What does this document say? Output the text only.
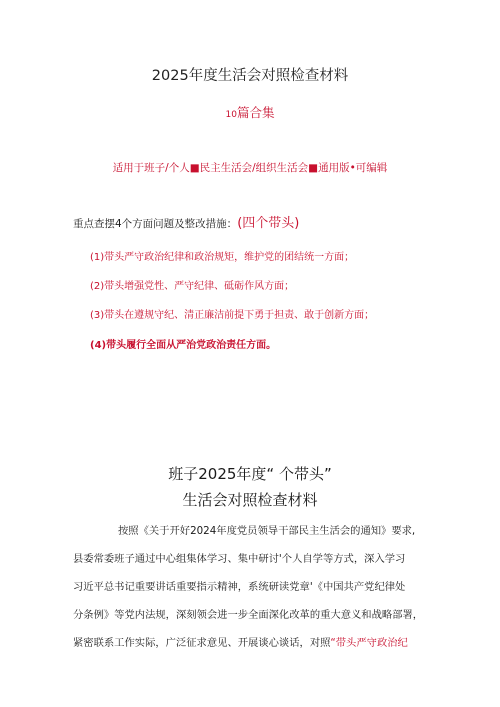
2025年度生活会对照检查材料
10篇合集
适用于班子/个人■民主生活会/组织生活会■通用版•可编辑
重点查摆4个方面问题及整改措施：(四个带头)
(1)带头严守政治纪律和政治规矩，维护党的团结统一方面；
(2)带头增强党性、严守纪律、砥砺作风方面；
(3)带头在遵规守纪、清正廉洁前提下勇于担责、敢于创新方面；
(4)带头履行全面从严治党政治责任方面。
班子2025年度“ 个带头”
生活会对照检查材料
按照《关于开好2024年度党员领导干部民主生活会的通知》要求,
县委常委班子通过中心组集体学习、集中研讨'个人自学等方式，深入学习
习近平总书记重要讲话重要指示精神，系统研读党章'《中国共产党纪律处
分条例》等党内法规，深刻领会进一步全面深化改革的重大意义和战略部署，
紧密联系工作实际，广泛征求意见、开展谈心谈话，对照“带头严守政治纪
